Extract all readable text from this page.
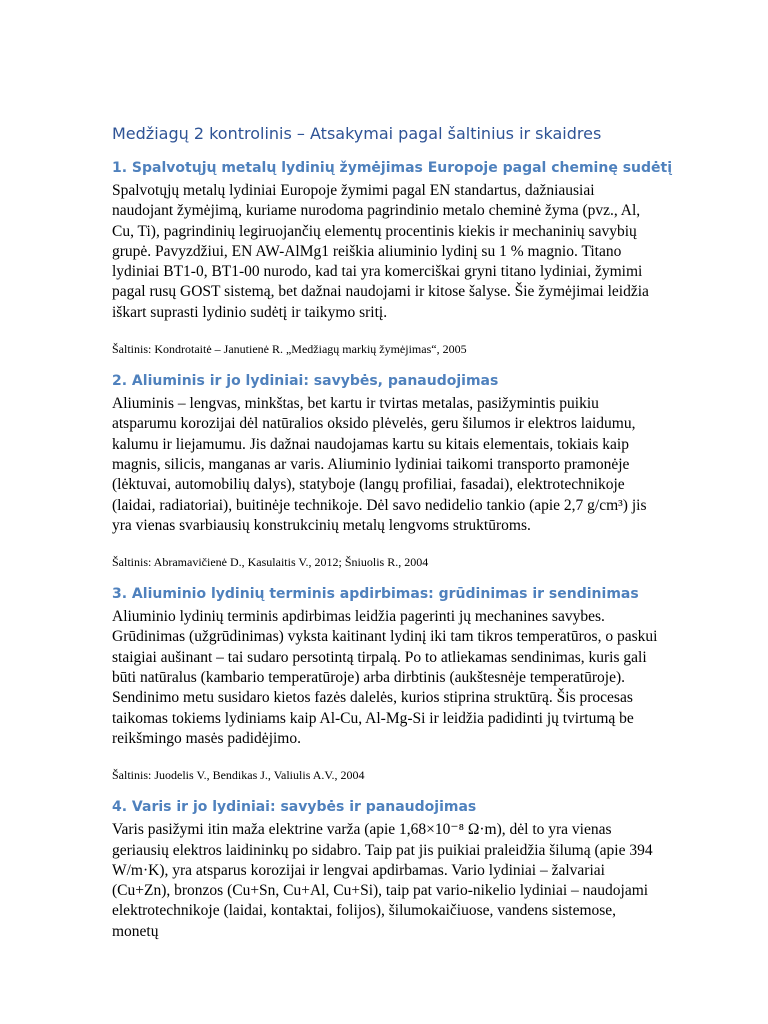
Medžiagų 2 kontrolinis – Atsakymai pagal šaltinius ir skaidres
1. Spalvotųjų metalų lydinių žymėjimas Europoje pagal cheminę sudėtį

Spalvotųjų metalų lydiniai Europoje žymimi pagal EN standartus, dažniausiai naudojant žymėjimą, kuriame nurodoma pagrindinio metalo cheminė žyma (pvz., Al, Cu, Ti), pagrindinių legiruojančių elementų procentinis kiekis ir mechaninių savybių grupė. Pavyzdžiui, EN AW-AlMg1 reiškia aliuminio lydinį su 1 % magnio. Titano lydiniai BT1-0, BT1-00 nurodo, kad tai yra komerciškai gryni titano lydiniai, žymimi pagal rusų GOST sistemą, bet dažnai naudojami ir kitose šalyse. Šie žymėjimai leidžia iškart suprasti lydinio sudėtį ir taikymo sritį.

Šaltinis: Kondrotaitė – Janutienė R. „Medžiagų markių žymėjimas“, 2005

2. Aliuminis ir jo lydiniai: savybės, panaudojimas

Aliuminis – lengvas, minkštas, bet kartu ir tvirtas metalas, pasižymintis puikiu atsparumu korozijai dėl natūralios oksido plėvelės, geru šilumos ir elektros laidumu, kalumu ir liejamumu. Jis dažnai naudojamas kartu su kitais elementais, tokiais kaip magnis, silicis, manganas ar varis. Aliuminio lydiniai taikomi transporto pramonėje (lėktuvai, automobilių dalys), statyboje (langų profiliai, fasadai), elektrotechnikoje (laidai, radiatoriai), buitinėje technikoje. Dėl savo nedidelio tankio (apie 2,7 g/cm³) jis yra vienas svarbiausių konstrukcinių metalų lengvoms struktūroms.

Šaltinis: Abramavičienė D., Kasulaitis V., 2012; Šniuolis R., 2004

3. Aliuminio lydinių terminis apdirbimas: grūdinimas ir sendinimas

Aliuminio lydinių terminis apdirbimas leidžia pagerinti jų mechanines savybes. Grūdinimas (užgrūdinimas) vyksta kaitinant lydinį iki tam tikros temperatūros, o paskui staigiai aušinant – tai sudaro persotintą tirpalą. Po to atliekamas sendinimas, kuris gali būti natūralus (kambario temperatūroje) arba dirbtinis (aukštesnėje temperatūroje). Sendinimo metu susidaro kietos fazės dalelės, kurios stiprina struktūrą. Šis procesas taikomas tokiems lydiniams kaip Al-Cu, Al-Mg-Si ir leidžia padidinti jų tvirtumą be reikšmingo masės padidėjimo.

Šaltinis: Juodelis V., Bendikas J., Valiulis A.V., 2004

4. Varis ir jo lydiniai: savybės ir panaudojimas

Varis pasižymi itin maža elektrine varža (apie 1,68×10⁻⁸ Ω·m), dėl to yra vienas geriausių elektros laidininkų po sidabro. Taip pat jis puikiai praleidžia šilumą (apie 394 W/m·K), yra atsparus korozijai ir lengvai apdirbamas. Vario lydiniai – žalvariai (Cu+Zn), bronzos (Cu+Sn, Cu+Al, Cu+Si), taip pat vario-nikelio lydiniai – naudojami elektrotechnikoje (laidai, kontaktai, folijos), šilumokaičiuose, vandens sistemose, monetų
